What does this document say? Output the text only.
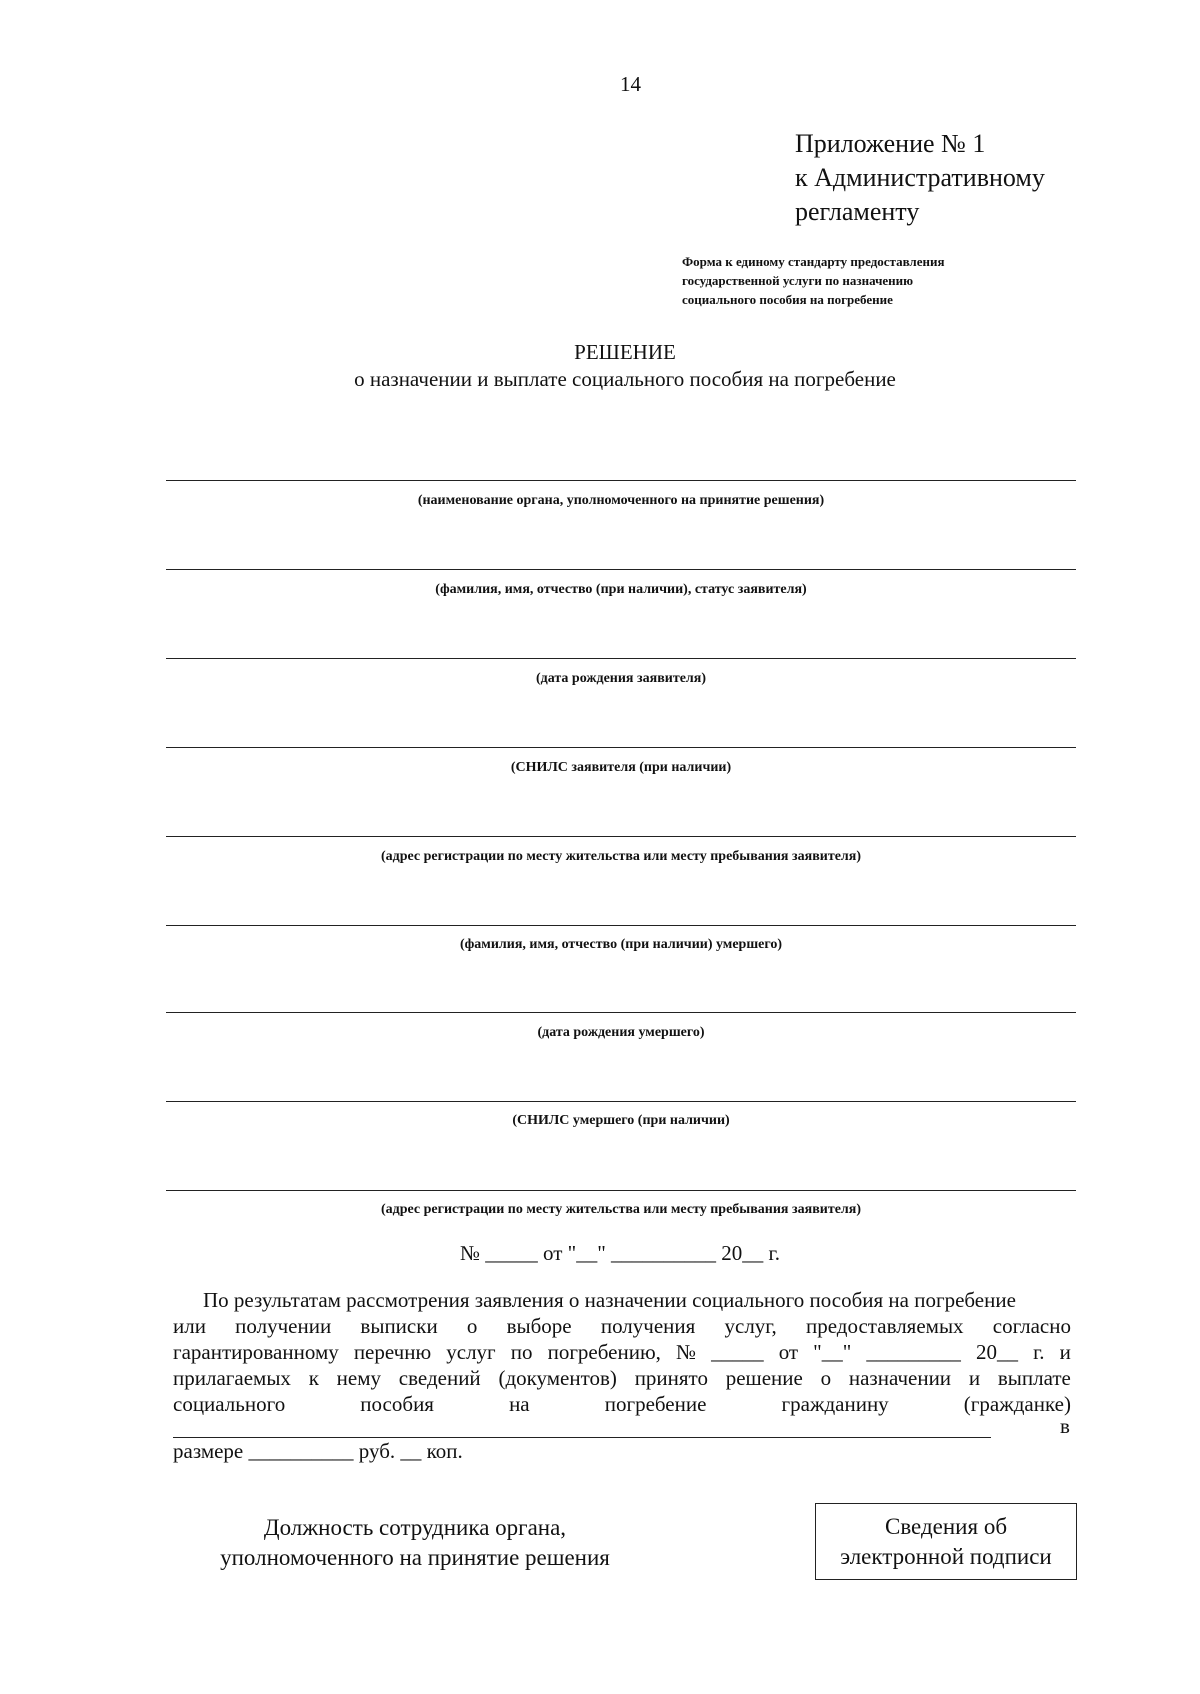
14
Приложение № 1
к Административному
регламенту
Форма к единому стандарту предоставления
государственной услуги по назначению
социального пособия на погребение
РЕШЕНИЕ
о назначении и выплате социального пособия на погребение
(наименование органа, уполномоченного на принятие решения)
(фамилия, имя, отчество (при наличии), статус заявителя)
(дата рождения заявителя)
(СНИЛС заявителя (при наличии)
(адрес регистрации по месту жительства или месту пребывания заявителя)
(фамилия, имя, отчество (при наличии) умершего)
(дата рождения умершего)
(СНИЛС умершего (при наличии)
(адрес регистрации по месту жительства или месту пребывания заявителя)
№ _____ от "__" __________ 20__ г.
По результатам рассмотрения заявления о назначении социального пособия на погребение
или получении выписки о выборе получения услуг, предоставляемых согласно
гарантированному перечню услуг по погребению, № _____ от "__" _________ 20__ г. и
прилагаемых к нему сведений (документов) принято решение о назначении и выплате
социального	пособия	на	погребение	гражданину	(гражданке)
в
размере __________ руб. __ коп.
Должность сотрудника органа,
уполномоченного на принятие решения
Сведения об
электронной подписи
